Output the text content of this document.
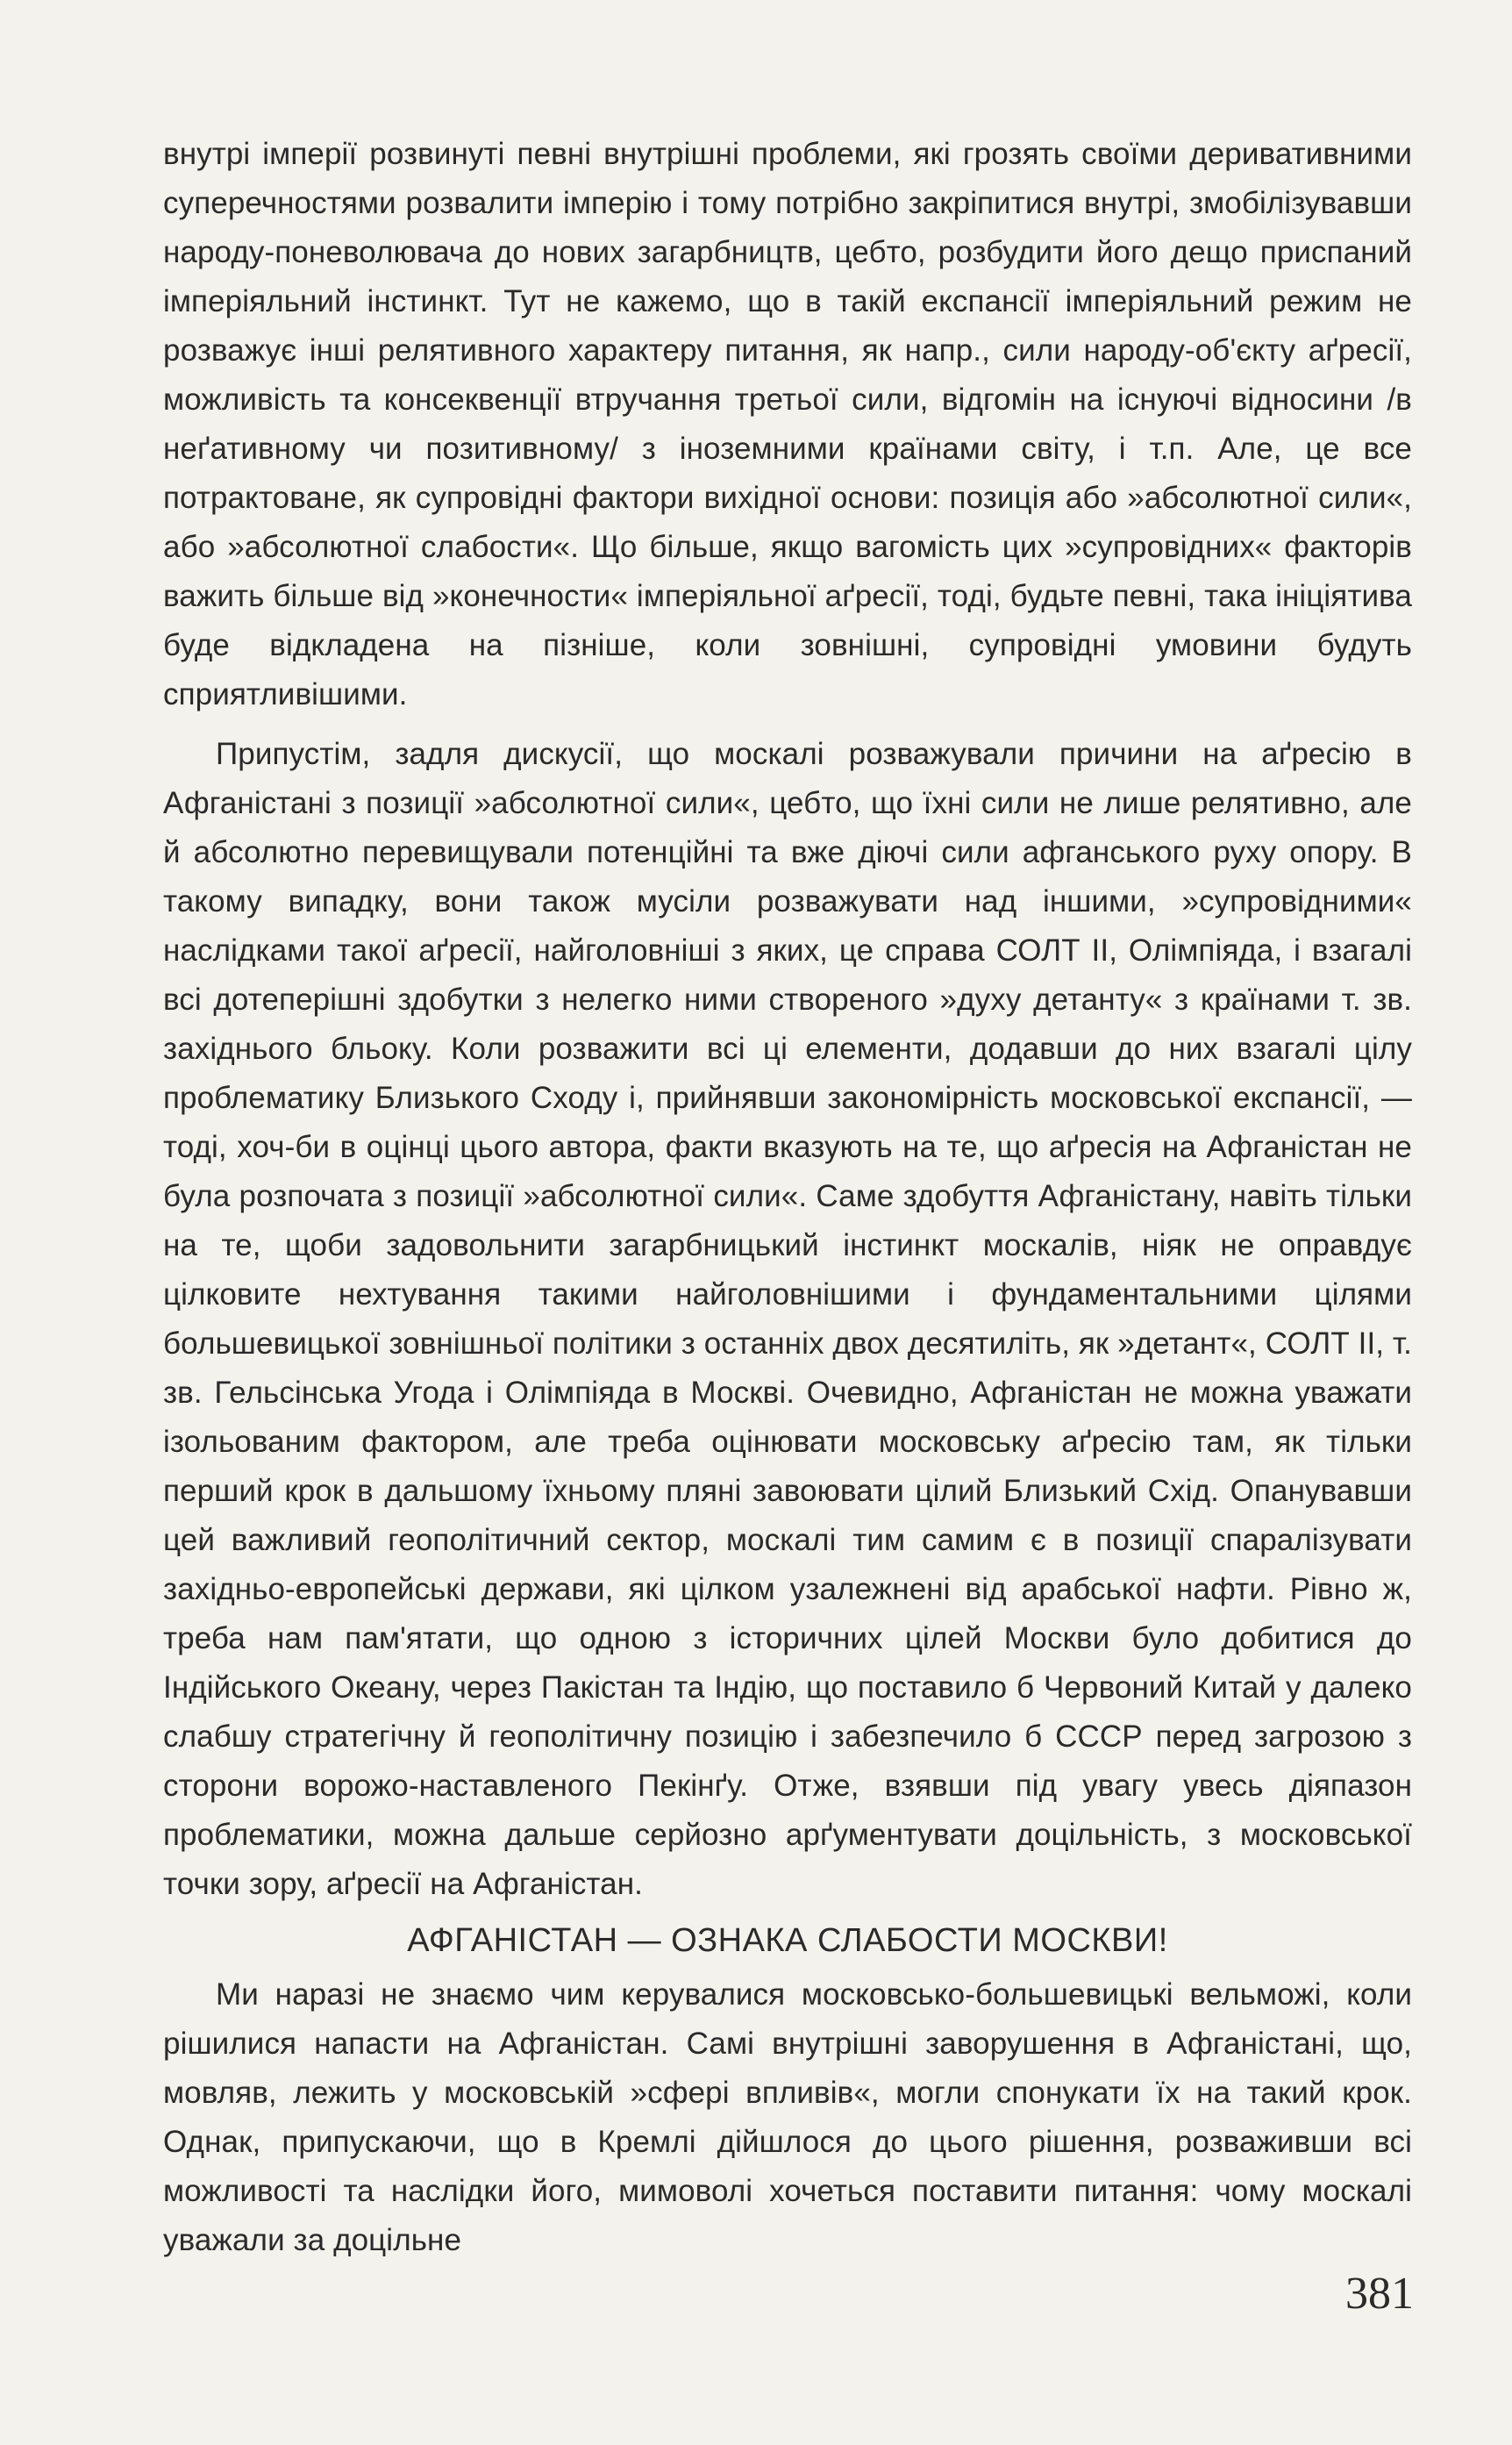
внутрі імперії розвинуті певні внутрішні проблеми, які грозять своїми деривативними суперечностями розвалити імперію і тому потрібно закріпитися внутрі, змобілізувавши народу-поневолювача до нових загарбництв, цебто, розбудити його дещо приспаний імперіяльний інстинкт. Тут не кажемо, що в такій експансії імперіяльний режим не розважує інші релятивного характеру питання, як напр., сили народу-об'єкту аґресії, можливість та консеквенції втручання третьої сили, відгомін на існуючі відносини /в неґативному чи позитивному/ з іноземними країнами світу, і т.п. Але, це все потрактоване, як супровідні фактори вихідної основи: позиція або »абсолютної сили«, або »абсолютної слабости«. Що більше, якщо вагомість цих »супровідних« факторів важить більше від »конечности« імперіяльної аґресії, тоді, будьте певні, така ініціятива буде відкладена на пізніше, коли зовнішні, супровідні умовини будуть сприятливішими.

Припустім, задля дискусії, що москалі розважували причини на аґресію в Афганістані з позиції »абсолютної сили«, цебто, що їхні сили не лише релятивно, але й абсолютно перевищували потенційні та вже діючі сили афганського руху опору. В такому випадку, вони також мусіли розважувати над іншими, »супровідними« наслідками такої аґресії, найголовніші з яких, це справа СОЛТ ІІ, Олімпіяда, і взагалі всі дотеперішні здобутки з нелегко ними створеного »духу детанту« з країнами т. зв. західнього бльоку. Коли розважити всі ці елементи, додавши до них взагалі цілу проблематику Близького Сходу і, прийнявши закономірність московської експансії, — тоді, хоч-би в оцінці цього автора, факти вказують на те, що аґресія на Афганістан не була розпочата з позиції »абсолютної сили«. Саме здобуття Афганістану, навіть тільки на те, щоби задовольнити загарбницький інстинкт москалів, ніяк не оправдує цілковите нехтування такими найголовнішими і фундаментальними цілями большевицької зовнішньої політики з останніх двох десятиліть, як »детант«, СОЛТ ІІ, т. зв. Гельсінська Угода і Олімпіяда в Москві. Очевидно, Афганістан не можна уважати ізольованим фактором, але треба оцінювати московську аґресію там, як тільки перший крок в дальшому їхньому пляні завоювати цілий Близький Схід. Опанувавши цей важливий геополітичний сектор, москалі тим самим є в позиції спаралізувати західньо-европейські держави, які цілком узалежнені від арабської нафти. Рівно ж, треба нам пам'ятати, що одною з історичних цілей Москви було добитися до Індійського Океану, через Пакістан та Індію, що поставило б Червоний Китай у далеко слабшу стратегічну й геополітичну позицію і забезпечило б СССР перед загрозою з сторони ворожо-наставленого Пекінґу. Отже, взявши під увагу увесь діяпазон проблематики, можна дальше серйозно арґументувати доцільність, з московської точки зору, аґресії на Афганістан.

АФГАНІСТАН — ОЗНАКА СЛАБОСТИ МОСКВИ!

Ми наразі не знаємо чим керувалися московсько-большевицькі вельможі, коли рішилися напасти на Афганістан. Самі внутрішні заворушення в Афганістані, що, мовляв, лежить у московській »сфері впливів«, могли спонукати їх на такий крок. Однак, припускаючи, що в Кремлі дійшлося до цього рішення, розваживши всі можливості та наслідки його, мимоволі хочеться поставити питання: чому москалі уважали за доцільне

381
